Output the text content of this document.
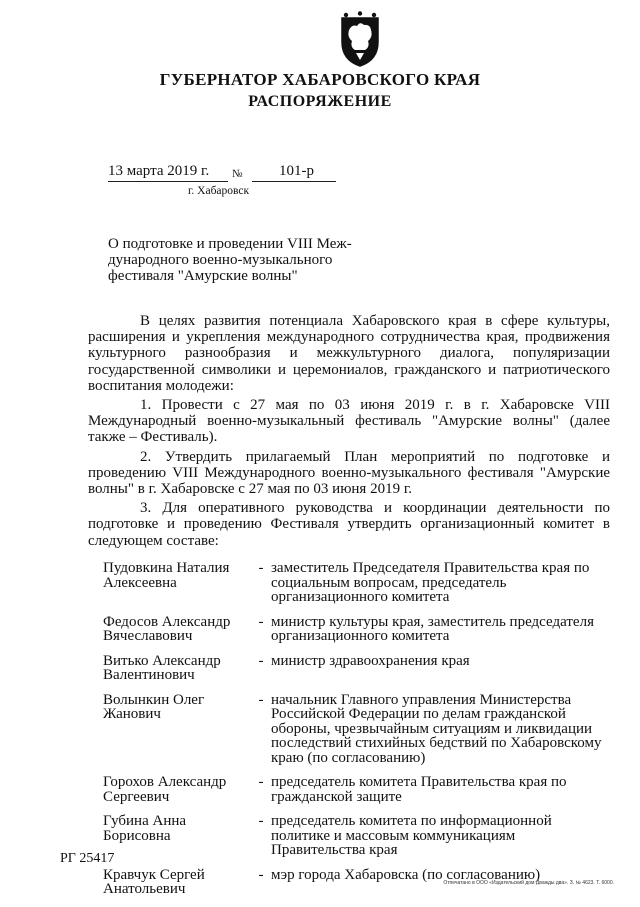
ГУБЕРНАТОР ХАБАРОВСКОГО КРАЯ
РАСПОРЯЖЕНИЕ
13 марта 2019 г. № 101-р
г. Хабаровск
О подготовке и проведении VIII Меж-
дународного военно-музыкального
фестиваля "Амурские волны"

В целях развития потенциала Хабаровского края в сфере культуры, расширения и укрепления международного сотрудничества края, продвижения культурного разнообразия и межкультурного диалога, популяризации государственной символики и церемониалов, гражданского и патриотического воспитания молодежи:

1. Провести с 27 мая по 03 июня 2019 г. в г. Хабаровске VIII Международный военно-музыкальный фестиваль "Амурские волны" (далее также – Фестиваль).

2. Утвердить прилагаемый План мероприятий по подготовке и проведению VIII Международного военно-музыкального фестиваля "Амурские волны" в г. Хабаровске с 27 мая по 03 июня 2019 г.

3. Для оперативного руководства и координации деятельности по подготовке и проведению Фестиваля утвердить организационный комитет в следующем составе:

Пудовкина Наталия Алексеевна
- заместитель Председателя Правительства края по социальным вопросам, председатель организационного комитета
Федосов Александр Вячеславович
- министр культуры края, заместитель председателя организационного комитета
Витько Александр Валентинович
- министр здравоохранения края
Волынкин Олег Жанович
- начальник Главного управления Министерства Российской Федерации по делам гражданской обороны, чрезвычайным ситуациям и ликвидации последствий стихийных бедствий по Хабаровскому краю (по согласованию)
Горохов Александр Сергеевич
- председатель комитета Правительства края по гражданской защите
Губина Анна Борисовна
- председатель комитета по информационной политике и массовым коммуникациям Правительства края
Кравчук Сергей Анатольевич
- мэр города Хабаровска (по согласованию)
РГ 25417
Отпечатано в ООО «Издательский дом Дважды два». З. № 4623. Т. 6000.
